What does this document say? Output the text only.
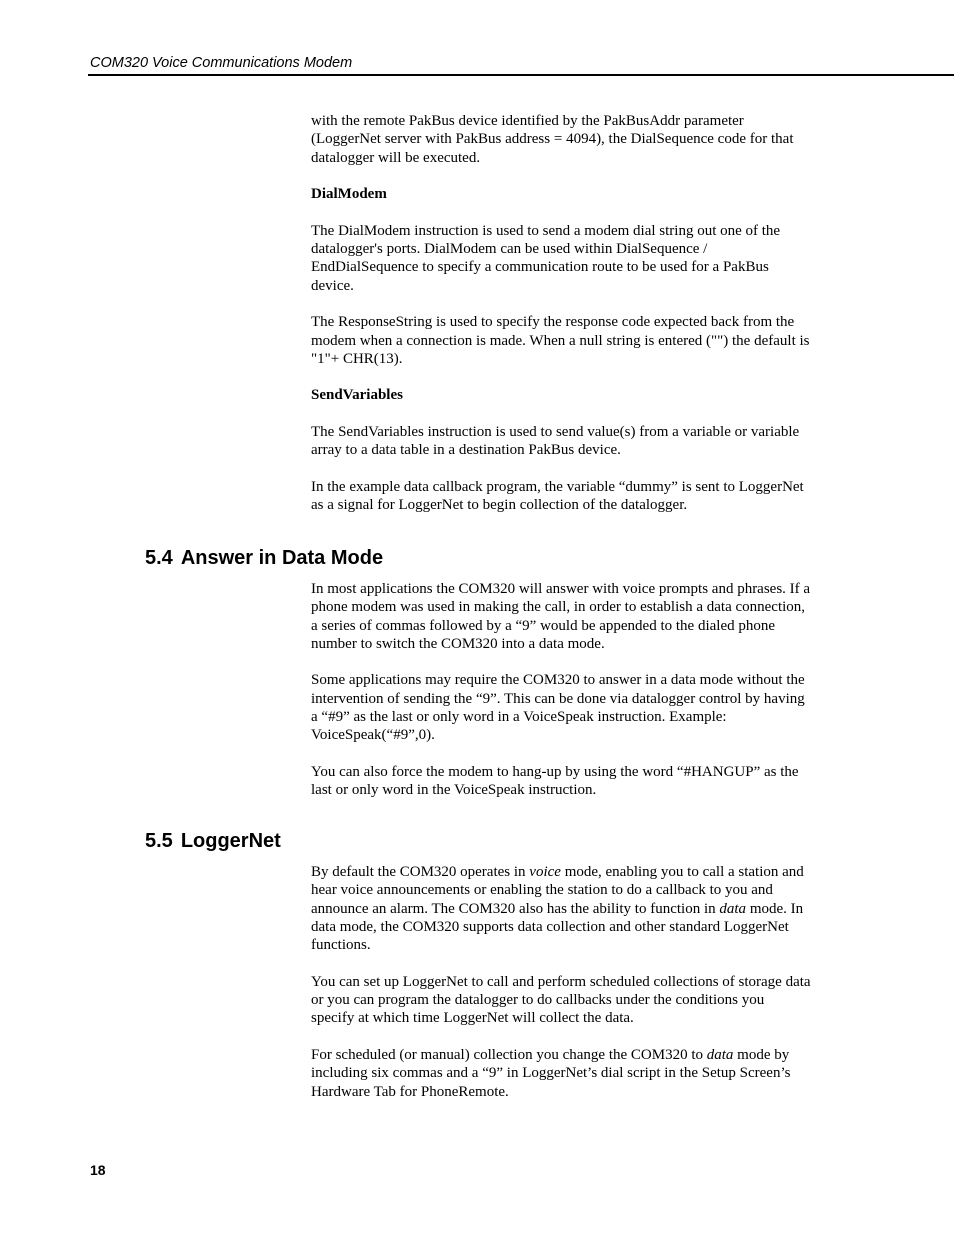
COM320 Voice Communications Modem

with the remote PakBus device identified by the PakBusAddr parameter (LoggerNet server with PakBus address = 4094), the DialSequence code for that datalogger will be executed.

DialModem

The DialModem instruction is used to send a modem dial string out one of the datalogger's ports. DialModem can be used within DialSequence / EndDialSequence to specify a communication route to be used for a PakBus device.

The ResponseString is used to specify the response code expected back from the modem when a connection is made. When a null string is entered ("") the default is "1"+ CHR(13).

SendVariables

The SendVariables instruction is used to send value(s) from a variable or variable array to a data table in a destination PakBus device.

In the example data callback program, the variable “dummy” is sent to LoggerNet as a signal for LoggerNet to begin collection of the datalogger.

5.4 Answer in Data Mode

In most applications the COM320 will answer with voice prompts and phrases. If a phone modem was used in making the call, in order to establish a data connection, a series of commas followed by a “9” would be appended to the dialed phone number to switch the COM320 into a data mode.

Some applications may require the COM320 to answer in a data mode without the intervention of sending the “9”. This can be done via datalogger control by having a “#9” as the last or only word in a VoiceSpeak instruction. Example: VoiceSpeak(“#9”,0).

You can also force the modem to hang-up by using the word “#HANGUP” as the last or only word in the VoiceSpeak instruction.

5.5 LoggerNet

By default the COM320 operates in voice mode, enabling you to call a station and hear voice announcements or enabling the station to do a callback to you and announce an alarm. The COM320 also has the ability to function in data mode. In data mode, the COM320 supports data collection and other standard LoggerNet functions.

You can set up LoggerNet to call and perform scheduled collections of storage data or you can program the datalogger to do callbacks under the conditions you specify at which time LoggerNet will collect the data.

For scheduled (or manual) collection you change the COM320 to data mode by including six commas and a “9” in LoggerNet’s dial script in the Setup Screen’s Hardware Tab for PhoneRemote.

18
